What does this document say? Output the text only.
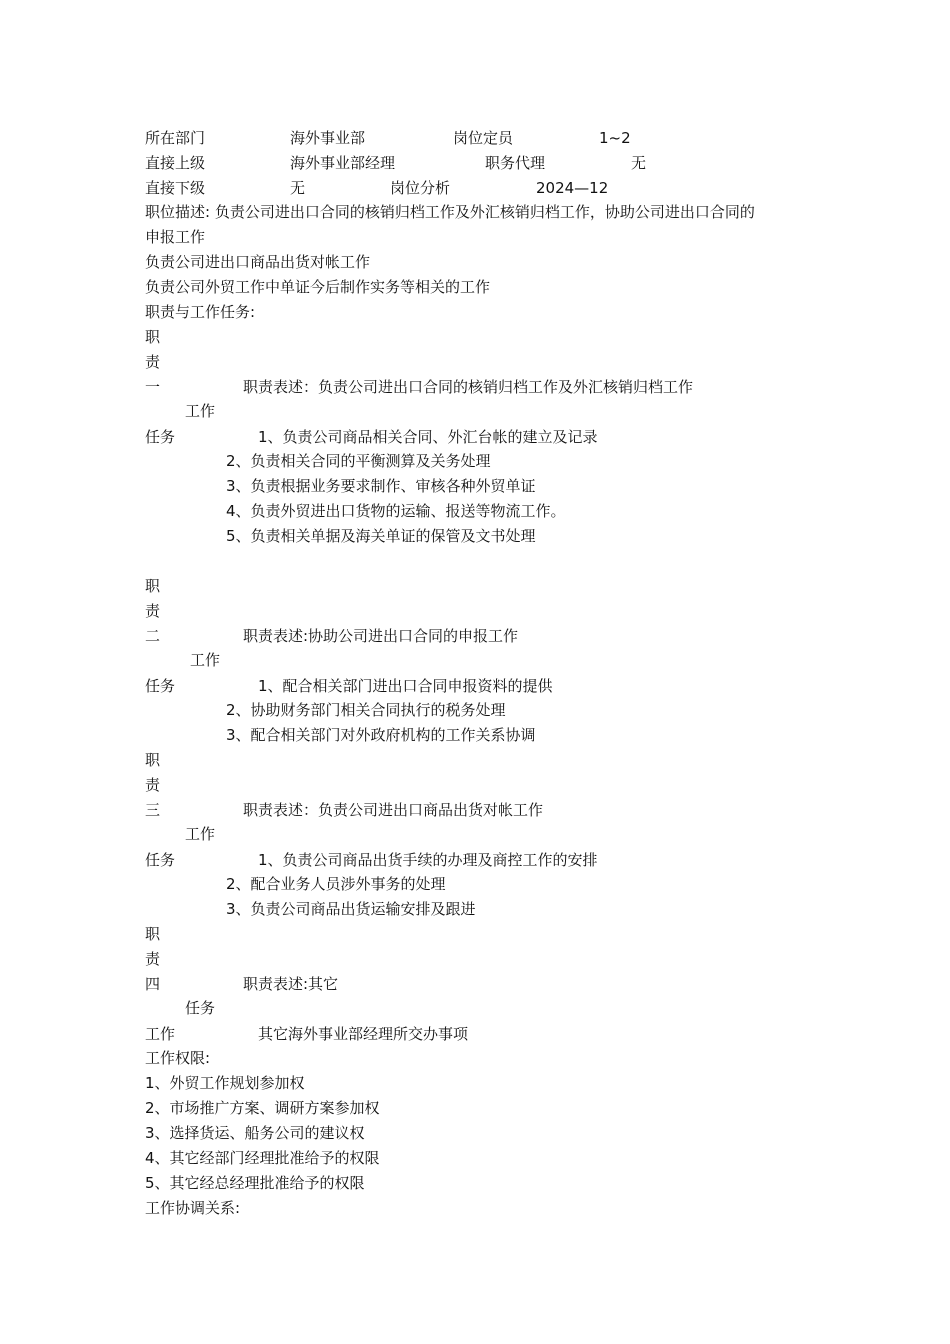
所在部门	海外事业部	岗位定员	1~2
直接上级	海外事业部经理	职务代理	无
直接下级	无	岗位分析	2024—12
职位描述: 负责公司进出口合同的核销归档工作及外汇核销归档工作，协助公司进出口合同的
申报工作
负责公司进出口商品出货对帐工作
负责公司外贸工作中单证今后制作实务等相关的工作
职责与工作任务:
职
责
一	职责表述：负责公司进出口合同的核销归档工作及外汇核销归档工作
工作
任务	1、负责公司商品相关合同、外汇台帐的建立及记录
2、负责相关合同的平衡测算及关务处理
3、负责根据业务要求制作、审核各种外贸单证
4、负责外贸进出口货物的运输、报送等物流工作。
5、负责相关单据及海关单证的保管及文书处理
职
责
二	职责表述:协助公司进出口合同的申报工作
工作
任务	1、配合相关部门进出口合同申报资料的提供
2、协助财务部门相关合同执行的税务处理
3、配合相关部门对外政府机构的工作关系协调
职
责
三	职责表述：负责公司进出口商品出货对帐工作
工作
任务	1、负责公司商品出货手续的办理及商控工作的安排
2、配合业务人员涉外事务的处理
3、负责公司商品出货运输安排及跟进
职
责
四	职责表述:其它
任务
工作	其它海外事业部经理所交办事项
工作权限:
1、外贸工作规划参加权
2、市场推广方案、调研方案参加权
3、选择货运、船务公司的建议权
4、其它经部门经理批准给予的权限
5、其它经总经理批准给予的权限
工作协调关系:
